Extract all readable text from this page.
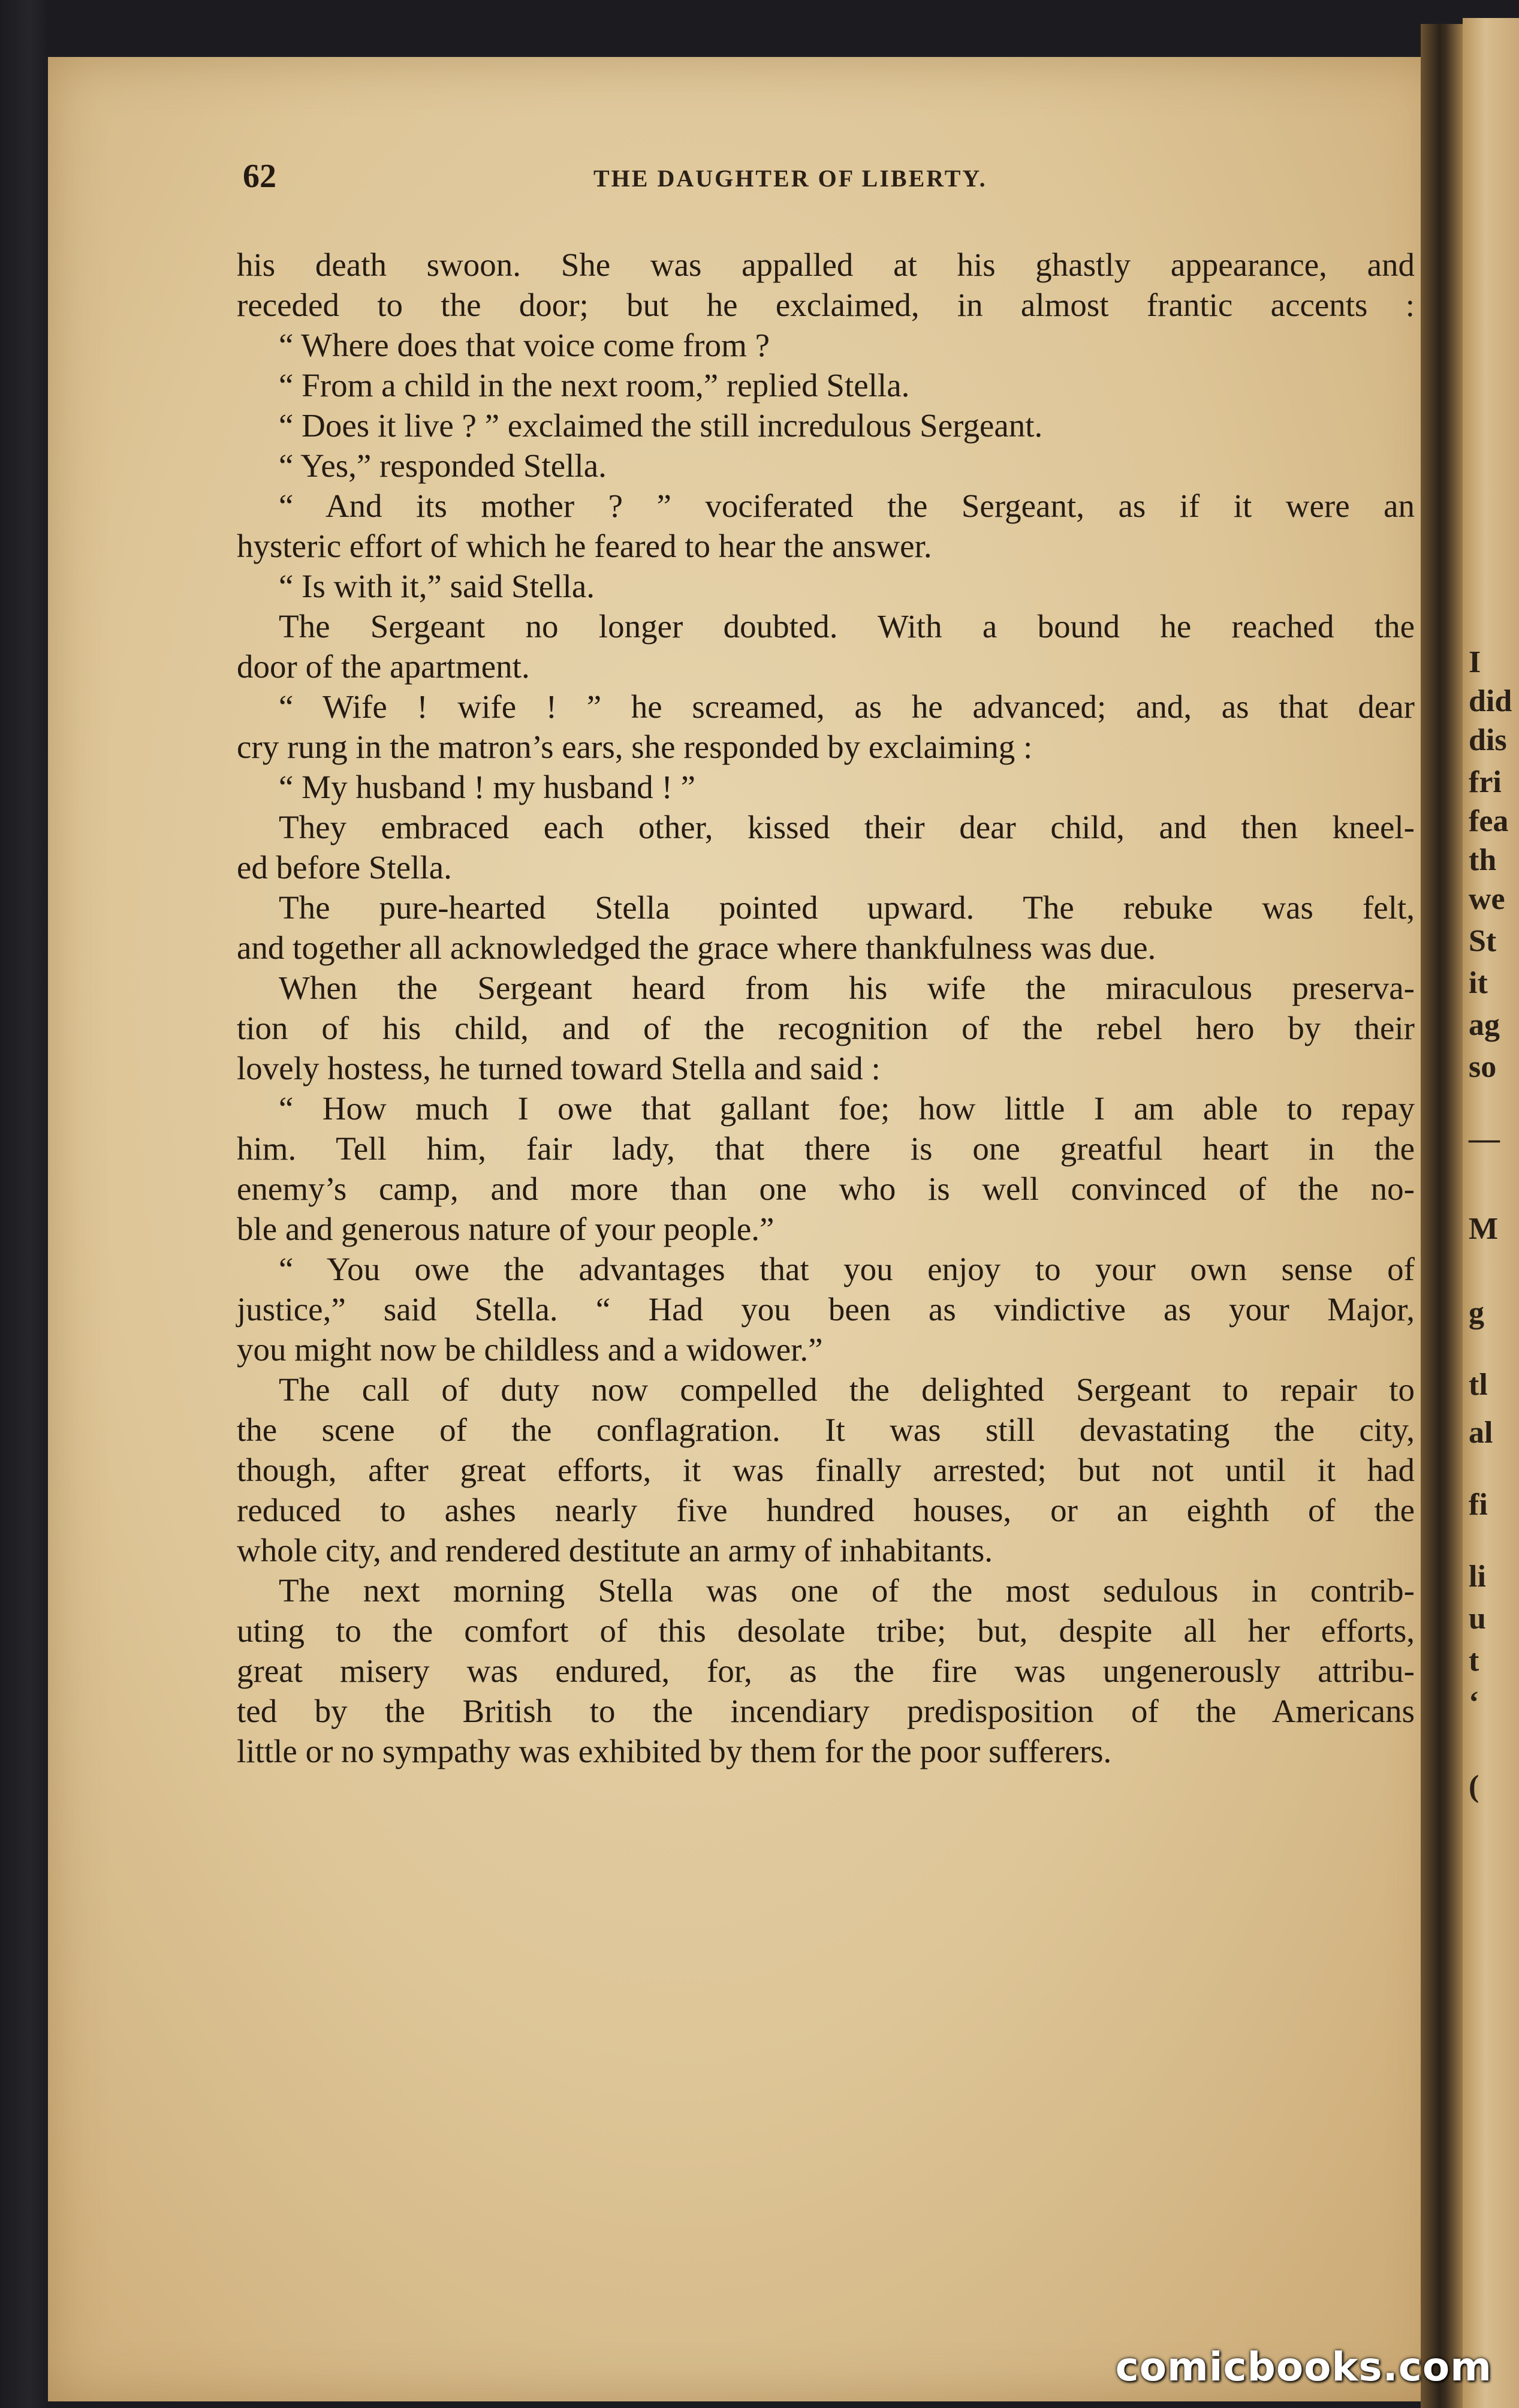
I
did
dis
fri
fea
th
we
St
it
ag
so
—
M
g
tl
al
fi
li
u
t
‘
(
62	THE DAUGHTER OF LIBERTY.
his death swoon. She was appalled at his ghastly appearance, and
receded to the door; but he exclaimed, in almost frantic accents :
“ Where does that voice come from ?
“ From a child in the next room,” replied Stella.
“ Does it live ? ” exclaimed the still incredulous Sergeant.
“ Yes,” responded Stella.
“ And its mother ? ” vociferated the Sergeant, as if it were an
hysteric effort of which he feared to hear the answer.
“ Is with it,” said Stella.
The Sergeant no longer doubted. With a bound he reached the
door of the apartment.
“ Wife ! wife ! ” he screamed, as he advanced; and, as that dear
cry rung in the matron’s ears, she responded by exclaiming :
“ My husband ! my husband ! ”
They embraced each other, kissed their dear child, and then kneel-
ed before Stella.
The pure-hearted Stella pointed upward. The rebuke was felt,
and together all acknowledged the grace where thankfulness was due.
When the Sergeant heard from his wife the miraculous preserva-
tion of his child, and of the recognition of the rebel hero by their
lovely hostess, he turned toward Stella and said :
“ How much I owe that gallant foe; how little I am able to repay
him. Tell him, fair lady, that there is one greatful heart in the
enemy’s camp, and more than one who is well convinced of the no-
ble and generous nature of your people.”
“ You owe the advantages that you enjoy to your own sense of
justice,” said Stella. “ Had you been as vindictive as your Major,
you might now be childless and a widower.”
The call of duty now compelled the delighted Sergeant to repair to
the scene of the conflagration. It was still devastating the city,
though, after great efforts, it was finally arrested; but not until it had
reduced to ashes nearly five hundred houses, or an eighth of the
whole city, and rendered destitute an army of inhabitants.
The next morning Stella was one of the most sedulous in contrib-
uting to the comfort of this desolate tribe; but, despite all her efforts,
great misery was endured, for, as the fire was ungenerously attribu-
ted by the British to the incendiary predisposition of the Americans
little or no sympathy was exhibited by them for the poor sufferers.
comicbooks.com
